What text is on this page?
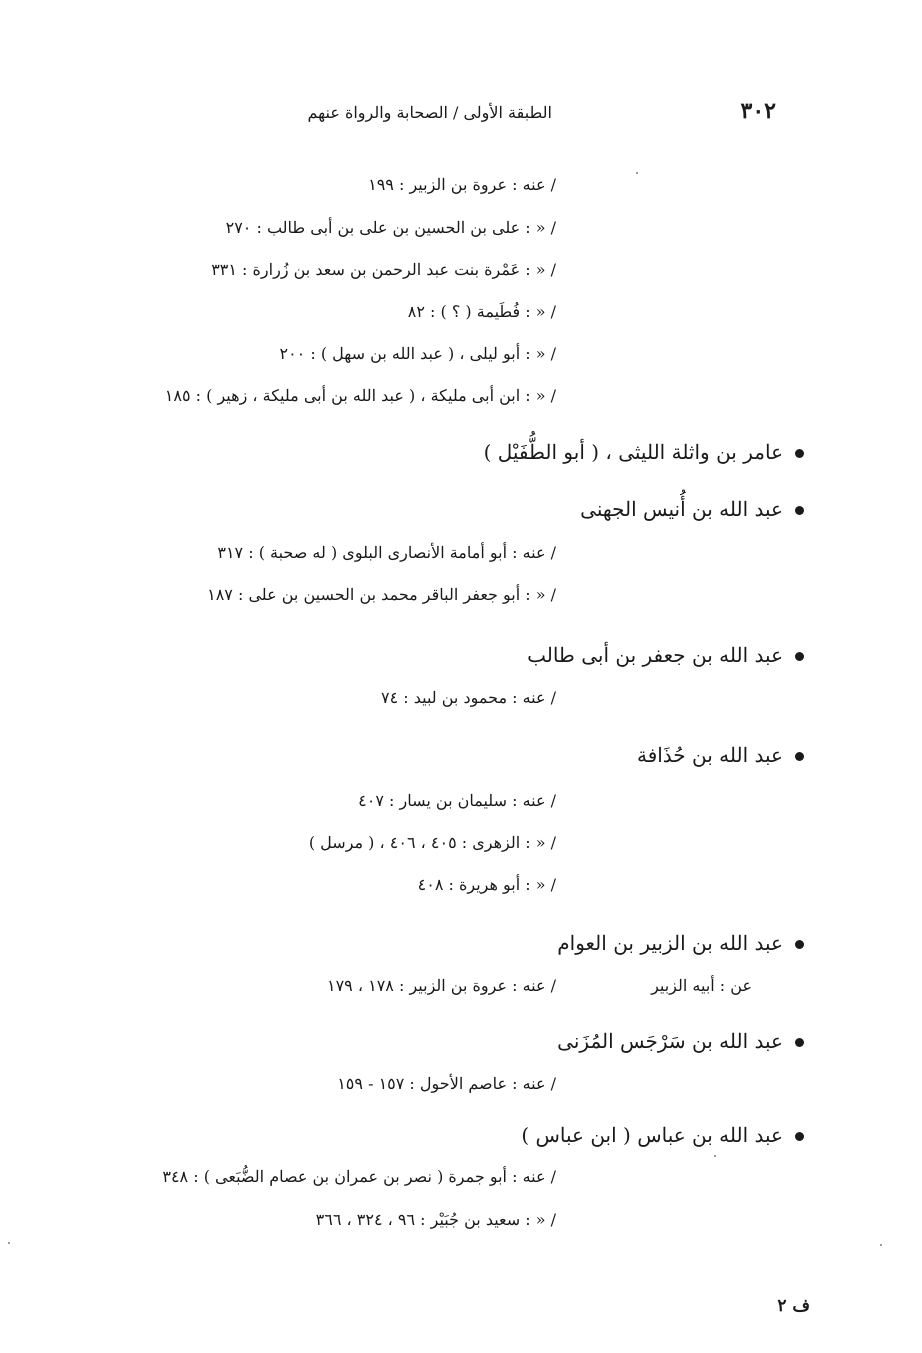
٣٠٢
الطبقة الأولى / الصحابة والرواة عنهم
/ عنه : عروة بن الزبير : ١٩٩
/ « : على بن الحسين بن على بن أبى طالب : ٢٧٠
/ « : عَمْرة بنت عبد الرحمن بن سعد بن زُرارة : ٣٣١
/ « : فُطَيمة ( ؟ ) : ٨٢
/ « : أبو ليلى ، ( عبد الله بن سهل ) : ٢٠٠
/ « : ابن أبى مليكة ، ( عبد الله بن أبى مليكة ، زهير ) : ١٨٥
عامر بن واثلة الليثى ، ( أبو الطُّفَيْل )
عبد الله بن أُنيس الجهنى
/ عنه : أبو أمامة الأنصارى البلوى ( له صحبة ) : ٣١٧
/ « : أبو جعفر الباقر محمد بن الحسين بن على : ١٨٧
عبد الله بن جعفر بن أبى طالب
/ عنه : محمود بن لبيد : ٧٤
عبد الله بن حُذَافة
/ عنه : سليمان بن يسار : ٤٠٧
/ « : الزهرى : ٤٠٥ ، ٤٠٦ ، ( مرسل )
/ « : أبو هريرة : ٤٠٨
عبد الله بن الزبير بن العوام
عن : أبيه الزبير
/ عنه : عروة بن الزبير : ١٧٨ ، ١٧٩
عبد الله بن سَرْجَس المُزَنى
/ عنه : عاصم الأحول : ١٥٧ - ١٥٩
عبد الله بن عباس ( ابن عباس )
/ عنه : أبو جمرة ( نصر بن عمران بن عصام الضُّبَعى ) : ٣٤٨
/ « : سعيد بن جُبَيْر : ٩٦ ، ٣٢٤ ، ٣٦٦
ف ٢
